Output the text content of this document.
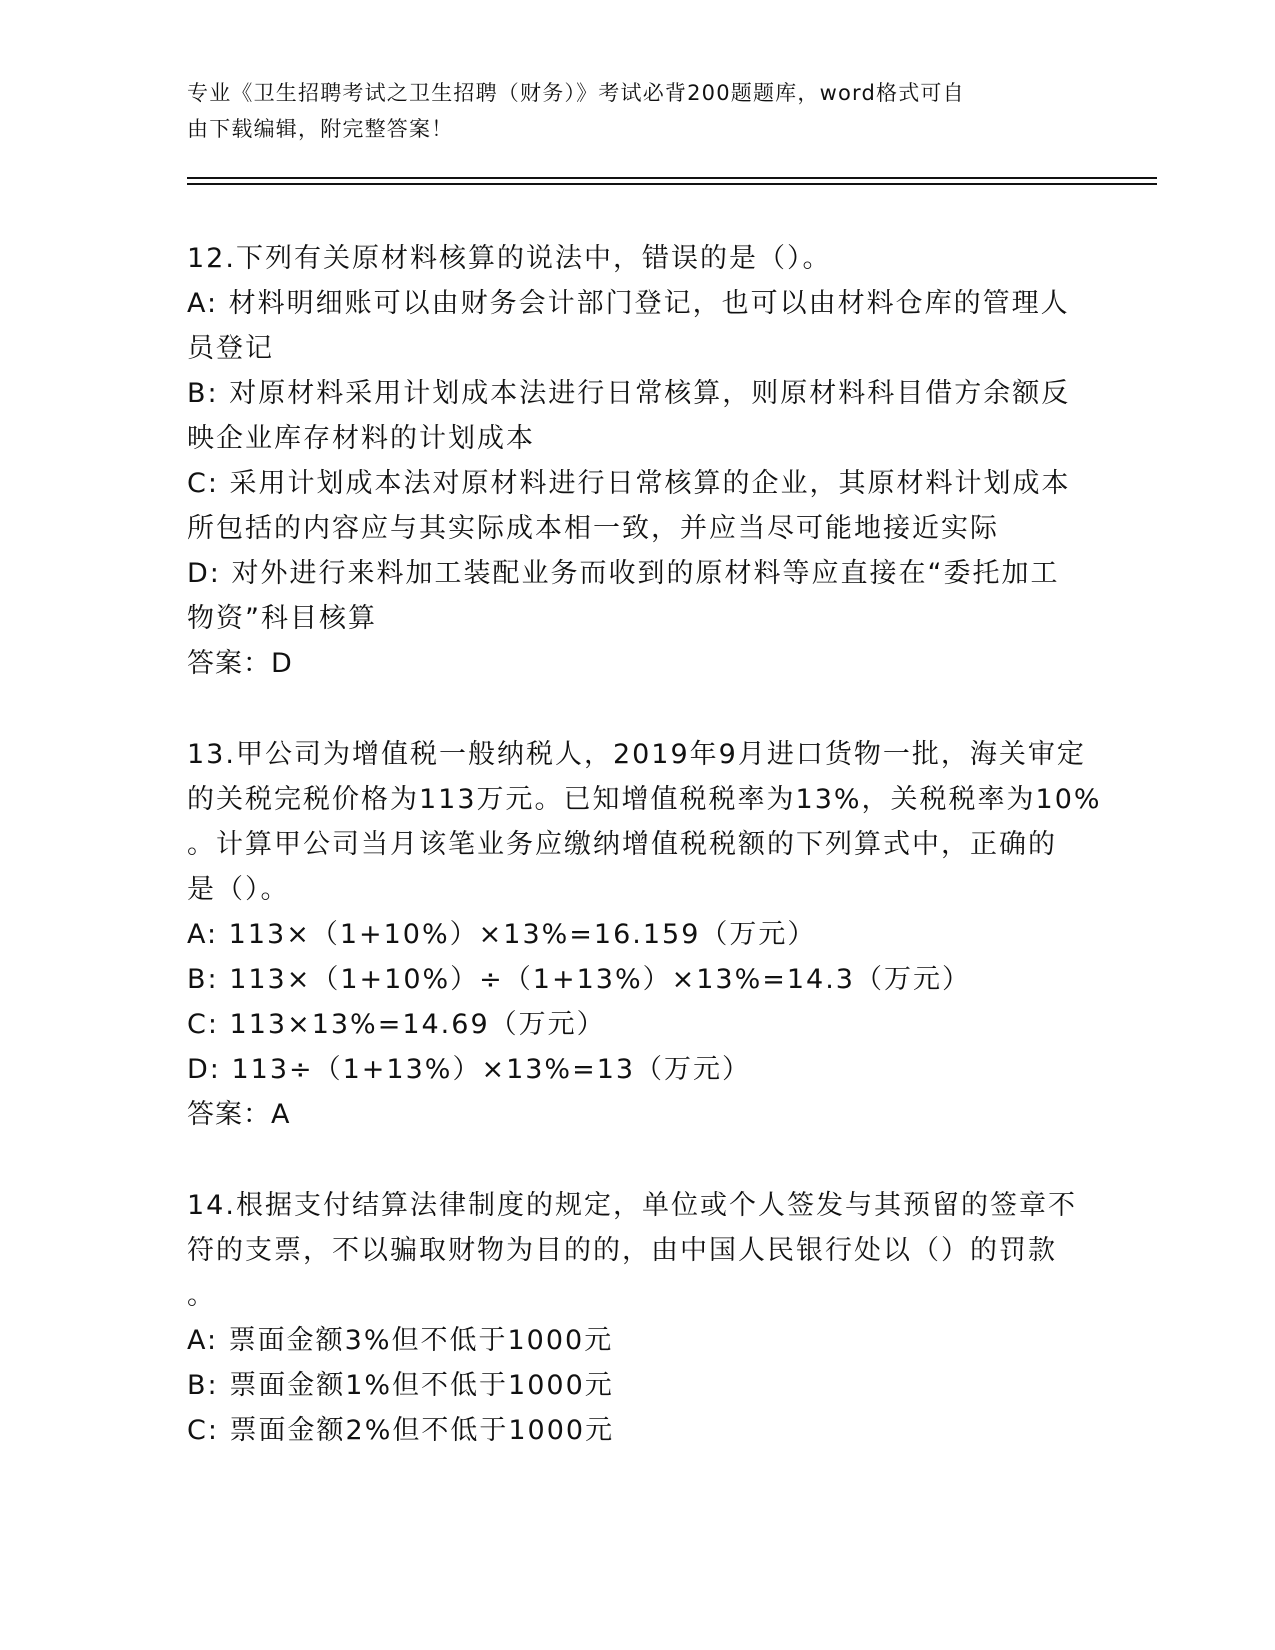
专业《卫生招聘考试之卫生招聘（财务）》考试必背200题题库，word格式可自

由下载编辑，附完整答案！

12.下列有关原材料核算的说法中，错误的是（）。

A: 材料明细账可以由财务会计部门登记，也可以由材料仓库的管理人

员登记

B: 对原材料采用计划成本法进行日常核算，则原材料科目借方余额反

映企业库存材料的计划成本

C: 采用计划成本法对原材料进行日常核算的企业，其原材料计划成本

所包括的内容应与其实际成本相一致，并应当尽可能地接近实际

D: 对外进行来料加工装配业务而收到的原材料等应直接在“委托加工

物资”科目核算

答案：D

13.甲公司为增值税一般纳税人，2019年9月进口货物一批，海关审定

的关税完税价格为113万元。已知增值税税率为13%，关税税率为10%

。计算甲公司当月该笔业务应缴纳增值税税额的下列算式中，正确的

是（）。

A: 113×（1+10%）×13%=16.159（万元）

B: 113×（1+10%）÷（1+13%）×13%=14.3（万元）

C: 113×13%=14.69（万元）

D: 113÷（1+13%）×13%=13（万元）

答案：A

14.根据支付结算法律制度的规定，单位或个人签发与其预留的签章不

符的支票，不以骗取财物为目的的，由中国人民银行处以（）的罚款

。

A: 票面金额3%但不低于1000元

B: 票面金额1%但不低于1000元

C: 票面金额2%但不低于1000元
